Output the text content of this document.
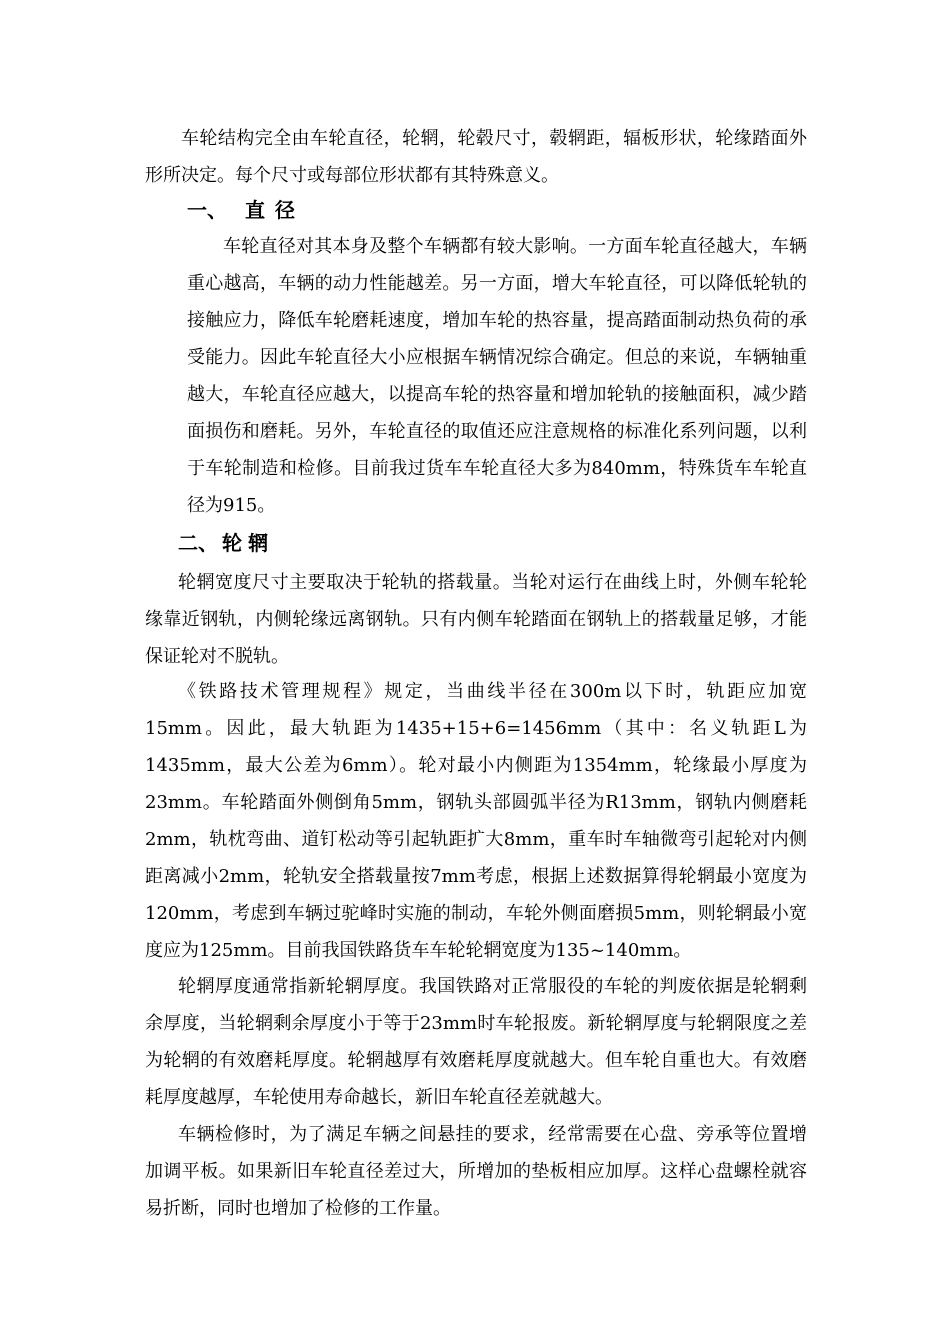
车轮结构完全由车轮直径，轮辋，轮毂尺寸，毂辋距，辐板形状，轮缘踏面外形所决定。每个尺寸或每部位形状都有其特殊意义。

一、 直径

车轮直径对其本身及整个车辆都有较大影响。一方面车轮直径越大，车辆重心越高，车辆的动力性能越差。另一方面，增大车轮直径，可以降低轮轨的接触应力，降低车轮磨耗速度，增加车轮的热容量，提高踏面制动热负荷的承受能力。因此车轮直径大小应根据车辆情况综合确定。但总的来说，车辆轴重越大，车轮直径应越大，以提高车轮的热容量和增加轮轨的接触面积，减少踏面损伤和磨耗。另外，车轮直径的取值还应注意规格的标准化系列问题，以利于车轮制造和检修。目前我过货车车轮直径大多为840mm，特殊货车车轮直径为915。

二、 轮辋

轮辋宽度尺寸主要取决于轮轨的搭载量。当轮对运行在曲线上时，外侧车轮轮缘靠近钢轨，内侧轮缘远离钢轨。只有内侧车轮踏面在钢轨上的搭载量足够，才能保证轮对不脱轨。

《铁路技术管理规程》规定，当曲线半径在300m以下时，轨距应加宽15mm。因此，最大轨距为1435+15+6=1456mm（其中：名义轨距L为1435mm，最大公差为6mm）。轮对最小内侧距为1354mm，轮缘最小厚度为23mm。车轮踏面外侧倒角5mm，钢轨头部圆弧半径为R13mm，钢轨内侧磨耗2mm，轨枕弯曲、道钉松动等引起轨距扩大8mm，重车时车轴微弯引起轮对内侧距离减小2mm，轮轨安全搭载量按7mm考虑，根据上述数据算得轮辋最小宽度为120mm，考虑到车辆过驼峰时实施的制动，车轮外侧面磨损5mm，则轮辋最小宽度应为125mm。目前我国铁路货车车轮轮辋宽度为135~140mm。

轮辋厚度通常指新轮辋厚度。我国铁路对正常服役的车轮的判废依据是轮辋剩余厚度，当轮辋剩余厚度小于等于23mm时车轮报废。新轮辋厚度与轮辋限度之差为轮辋的有效磨耗厚度。轮辋越厚有效磨耗厚度就越大。但车轮自重也大。有效磨耗厚度越厚，车轮使用寿命越长，新旧车轮直径差就越大。

车辆检修时，为了满足车辆之间悬挂的要求，经常需要在心盘、旁承等位置增加调平板。如果新旧车轮直径差过大，所增加的垫板相应加厚。这样心盘螺栓就容易折断，同时也增加了检修的工作量。
